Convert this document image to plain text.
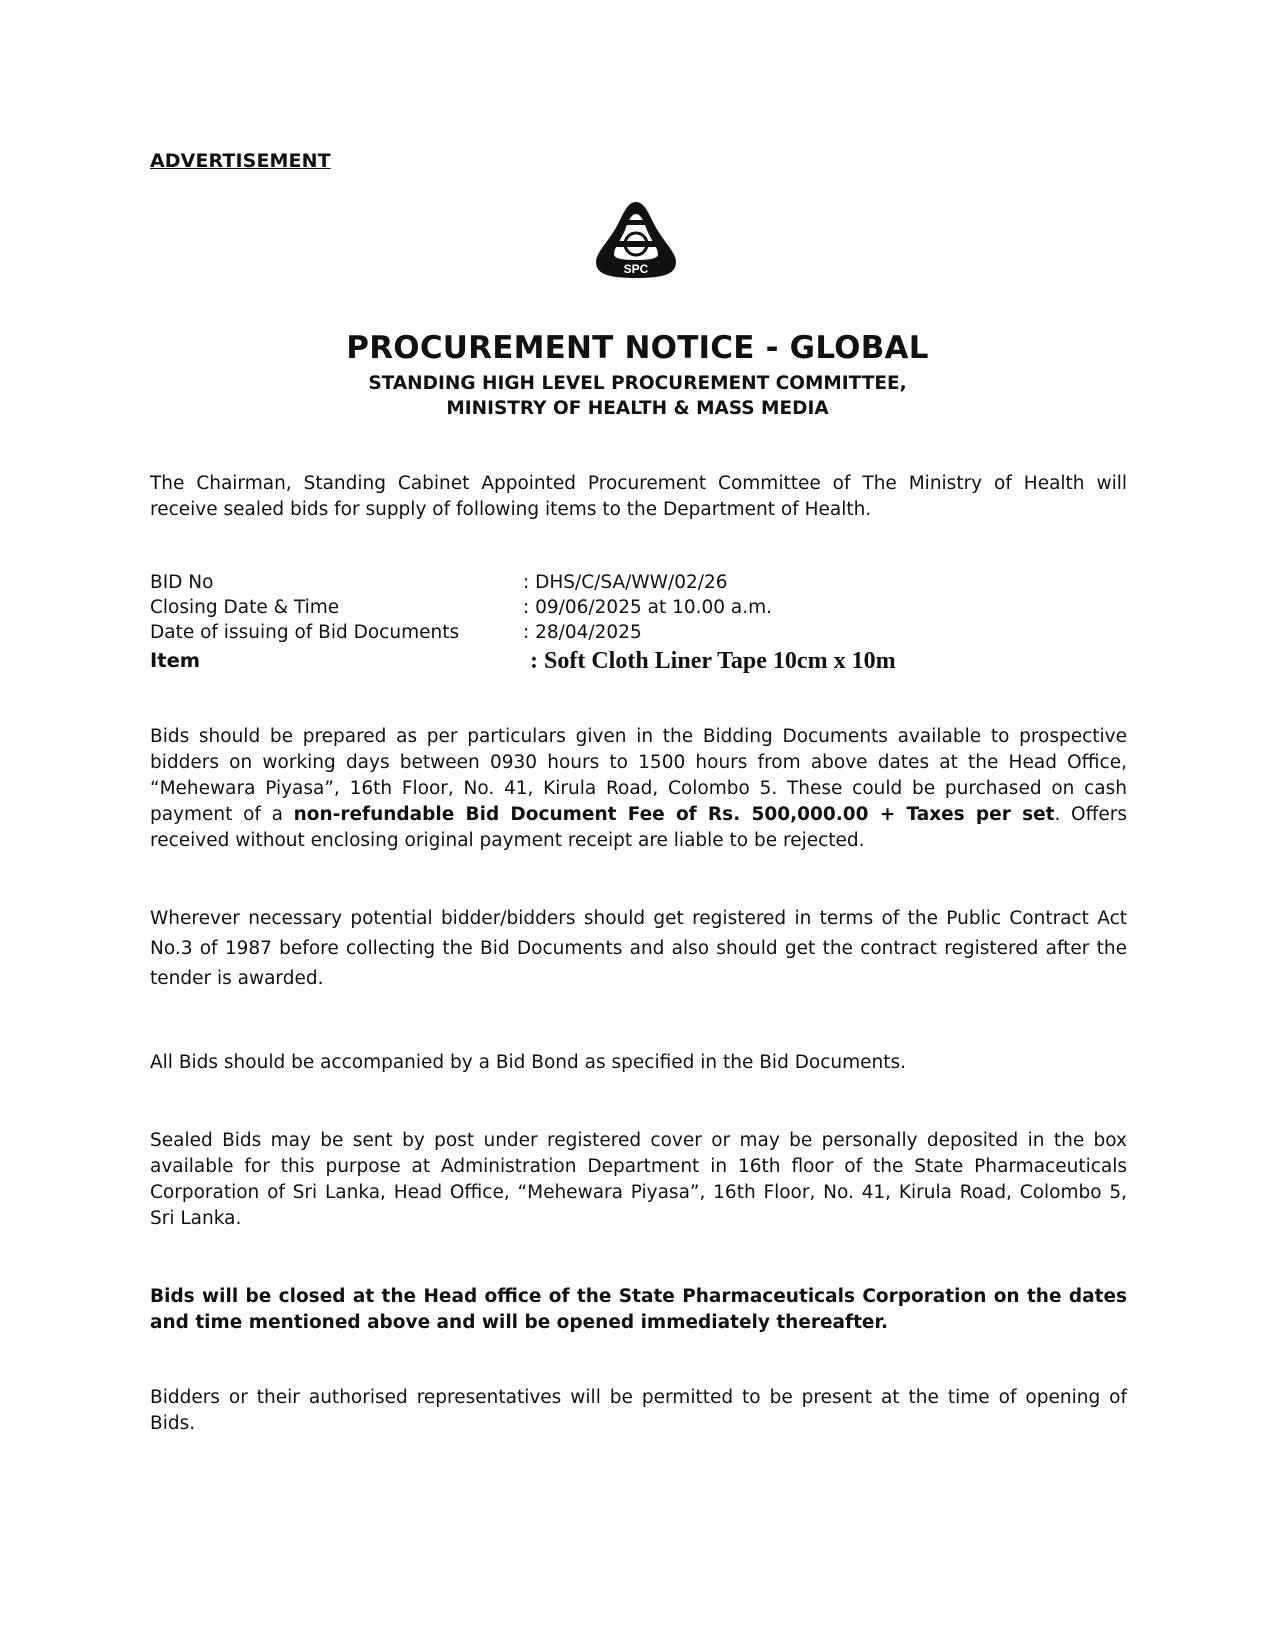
ADVERTISEMENT
SPC
PROCUREMENT NOTICE - GLOBAL
STANDING HIGH LEVEL PROCUREMENT COMMITTEE,
MINISTRY OF HEALTH & MASS MEDIA
The Chairman, Standing Cabinet Appointed Procurement Committee of The Ministry of Health will receive sealed bids for supply of following items to the Department of Health.
BID No	: DHS/C/SA/WW/02/26
Closing Date & Time	: 09/06/2025 at 10.00 a.m.
Date of issuing of Bid Documents	: 28/04/2025
Item	: Soft Cloth Liner Tape 10cm x 10m
Bids should be prepared as per particulars given in the Bidding Documents available to prospective bidders on working days between 0930 hours to 1500 hours from above dates at the Head Office, “Mehewara Piyasa”, 16th Floor, No. 41, Kirula Road, Colombo 5. These could be purchased on cash payment of a non-refundable Bid Document Fee of Rs. 500,000.00 + Taxes per set. Offers received without enclosing original payment receipt are liable to be rejected.
Wherever necessary potential bidder/bidders should get registered in terms of the Public Contract Act No.3 of 1987 before collecting the Bid Documents and also should get the contract registered after the tender is awarded.
All Bids should be accompanied by a Bid Bond as specified in the Bid Documents.
Sealed Bids may be sent by post under registered cover or may be personally deposited in the box available for this purpose at Administration Department in 16th floor of the State Pharmaceuticals Corporation of Sri Lanka, Head Office, “Mehewara Piyasa”, 16th Floor, No. 41, Kirula Road, Colombo 5, Sri Lanka.
Bids will be closed at the Head office of the State Pharmaceuticals Corporation on the dates and time mentioned above and will be opened immediately thereafter.
Bidders or their authorised representatives will be permitted to be present at the time of opening of Bids.
